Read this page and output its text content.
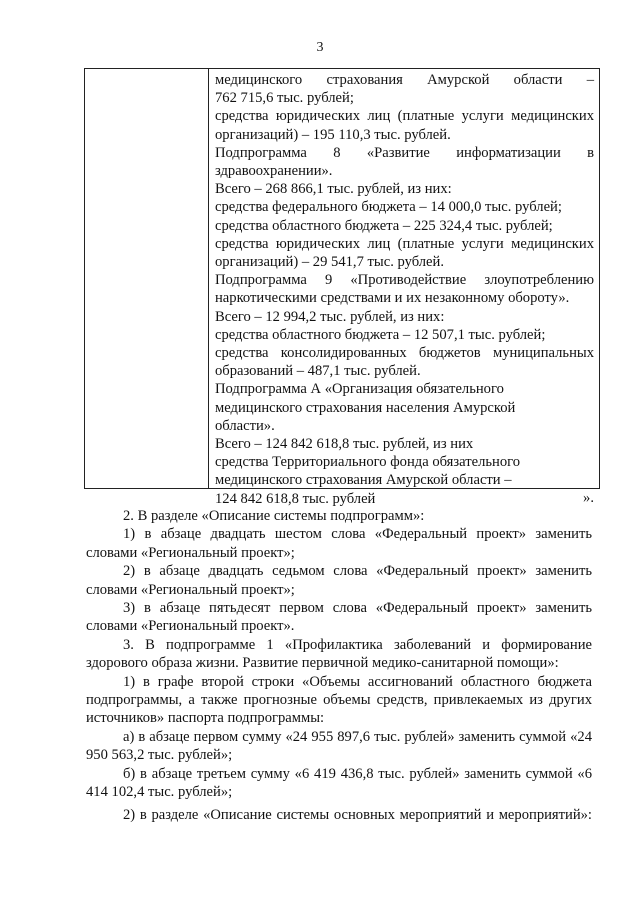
3

медицинского страхования Амурской области –

762 715,6 тыс. рублей;

средства юридических лиц (платные услуги медицинских организаций) – 195 110,3 тыс. рублей.

Подпрограмма 8 «Развитие информатизации в здравоохранении».

Всего – 268 866,1 тыс. рублей, из них:

средства федерального бюджета – 14 000,0 тыс. рублей;

средства областного бюджета – 225 324,4 тыс. рублей;

средства юридических лиц (платные услуги медицинских организаций) – 29 541,7 тыс. рублей.

Подпрограмма 9 «Противодействие злоупотреблению наркотическими средствами и их незаконному обороту».

Всего – 12 994,2 тыс. рублей, из них:

средства областного бюджета – 12 507,1 тыс. рублей;

средства консолидированных бюджетов муниципальных образований – 487,1 тыс. рублей.

Подпрограмма А «Организация обязательного

медицинского страхования населения Амурской

области».

Всего – 124 842 618,8 тыс. рублей, из них

средства Территориального фонда обязательного

медицинского страхования Амурской области –

124 842 618,8 тыс. рублей	».

2. В разделе «Описание системы подпрограмм»:

1) в абзаце двадцать шестом слова «Федеральный проект» заменить словами «Региональный проект»;

2) в абзаце двадцать седьмом слова «Федеральный проект» заменить словами «Региональный проект»;

3) в абзаце пятьдесят первом слова «Федеральный проект» заменить словами «Региональный проект».

3. В подпрограмме 1 «Профилактика заболеваний и формирование здорового образа жизни. Развитие первичной медико-санитарной помощи»:

1) в графе второй строки «Объемы ассигнований областного бюджета подпрограммы, а также прогнозные объемы средств, привлекаемых из других источников» паспорта подпрограммы:

а) в абзаце первом сумму «24 955 897,6 тыс. рублей» заменить суммой «24 950 563,2 тыс. рублей»;

б) в абзаце третьем сумму «6 419 436,8 тыс. рублей» заменить суммой «6 414 102,4 тыс. рублей»;

2) в разделе «Описание системы основных мероприятий и мероприятий»:
